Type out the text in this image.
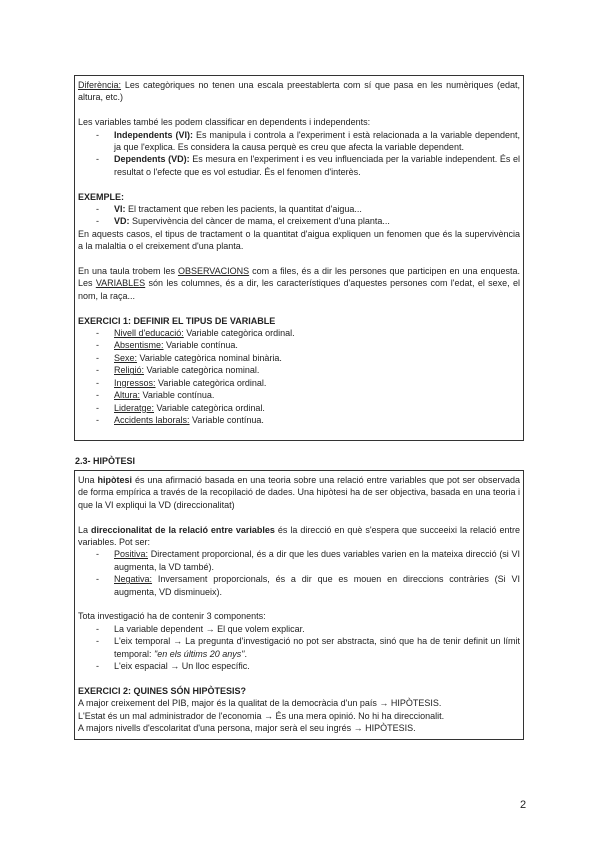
Diferència: Les categòriques no tenen una escala preestablerta com sí que pasa en les numèriques (edat, altura, etc.)

Les variables també les podem classificar en dependents i independents:

- Independents (VI): Es manipula i controla a l'experiment i està relacionada a la variable dependent, ja que l'explica. Es considera la causa perquè es creu que afecta la variable dependent.
- Dependents (VD): Es mesura en l'experiment i es veu influenciada per la variable independent. És el resultat o l'efecte que es vol estudiar. És el fenomen d'interès.

EXEMPLE:

- VI: El tractament que reben les pacients, la quantitat d'aigua...
- VD: Supervivència del càncer de mama, el creixement d'una planta...

En aquests casos, el tipus de tractament o la quantitat d'aigua expliquen un fenomen que és la supervivència a la malaltia o el creixement d'una planta.

En una taula trobem les OBSERVACIONS com a files, és a dir les persones que participen en una enquesta. Les VARIABLES són les columnes, és a dir, les característiques d'aquestes persones com l'edat, el sexe, el nom, la raça...

EXERCICI 1: DEFINIR EL TIPUS DE VARIABLE

- Nivell d'educació: Variable categòrica ordinal.
- Absentisme: Variable contínua.
- Sexe: Variable categòrica nominal binària.
- Religió: Variable categòrica nominal.
- Ingressos: Variable categòrica ordinal.
- Altura: Variable contínua.
- Lideratge: Variable categòrica ordinal.
- Accidents laborals: Variable contínua.
2.3- HIPÒTESI

Una hipòtesi és una afirmació basada en una teoria sobre una relació entre variables que pot ser observada de forma empírica a través de la recopilació de dades. Una hipòtesi ha de ser objectiva, basada en una teoria i que la VI expliqui la VD (direccionalitat)

La direccionalitat de la relació entre variables és la direcció en què s'espera que succeeixi la relació entre variables. Pot ser:

- Positiva: Directament proporcional, és a dir que les dues variables varien en la mateixa direcció (si VI augmenta, la VD també).
- Negativa: Inversament proporcionals, és a dir que es mouen en direccions contràries (Si VI augmenta, VD disminueix).

Tota investigació ha de contenir 3 components:

- La variable dependent → El que volem explicar.
- L'eix temporal → La pregunta d'investigació no pot ser abstracta, sinó que ha de tenir definit un límit temporal: "en els últims 20 anys".
- L'eix espacial → Un lloc específic.

EXERCICI 2: QUINES SÓN HIPÒTESIS?

A major creixement del PIB, major és la qualitat de la democràcia d'un país → HIPÒTESIS.

L'Estat és un mal administrador de l'economia → És una mera opinió. No hi ha direccionalit.

A majors nivells d'escolaritat d'una persona, major serà el seu ingrés → HIPÒTESIS.

2
